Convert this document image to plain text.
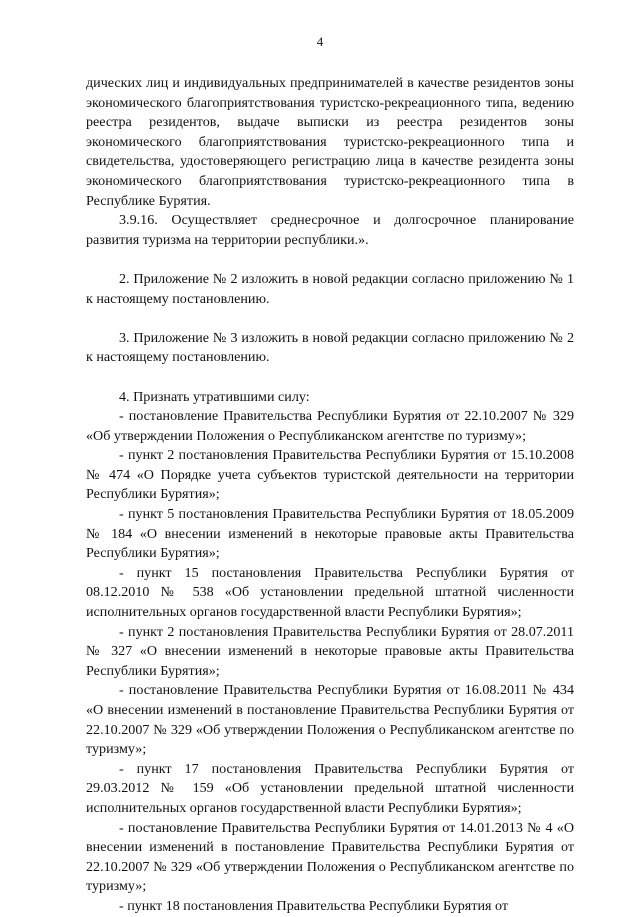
4

дических лиц и индивидуальных предпринимателей в качестве резидентов зоны экономического благоприятствования туристско-рекреационного типа, ведению реестра резидентов, выдаче выписки из реестра резидентов зоны экономического благоприятствования туристско-рекреационного типа и свидетельства, удостоверяющего регистрацию лица в качестве резидента зоны экономического благоприятствования туристско-рекреационного типа в Республике Бурятия.

3.9.16. Осуществляет среднесрочное и долгосрочное планирование развития туризма на территории республики.».

2. Приложение № 2 изложить в новой редакции согласно приложению № 1 к настоящему постановлению.

3. Приложение № 3 изложить в новой редакции согласно приложению № 2 к настоящему постановлению.

4. Признать утратившими силу:

- постановление Правительства Республики Бурятия от 22.10.2007 № 329 «Об утверждении Положения о Республиканском агентстве по туризму»;

- пункт 2 постановления Правительства Республики Бурятия от 15.10.2008 № 474 «О Порядке учета субъектов туристской деятельности на территории Республики Бурятия»;

- пункт 5 постановления Правительства Республики Бурятия от 18.05.2009 № 184 «О внесении изменений в некоторые правовые акты Правительства Республики Бурятия»;

- пункт 15 постановления Правительства Республики Бурятия от 08.12.2010 № 538 «Об установлении предельной штатной численности исполнительных органов государственной власти Республики Бурятия»;

- пункт 2 постановления Правительства Республики Бурятия от 28.07.2011 № 327 «О внесении изменений в некоторые правовые акты Правительства Республики Бурятия»;

- постановление Правительства Республики Бурятия от 16.08.2011 № 434 «О внесении изменений в постановление Правительства Республики Бурятия от 22.10.2007 № 329 «Об утверждении Положения о Республиканском агентстве по туризму»;

- пункт 17 постановления Правительства Республики Бурятия от 29.03.2012 № 159 «Об установлении предельной штатной численности исполнительных органов государственной власти Республики Бурятия»;

- постановление Правительства Республики Бурятия от 14.01.2013 № 4 «О внесении изменений в постановление Правительства Республики Бурятия от 22.10.2007 № 329 «Об утверждении Положения о Республиканском агентстве по туризму»;

- пункт 18 постановления Правительства Республики Бурятия от
